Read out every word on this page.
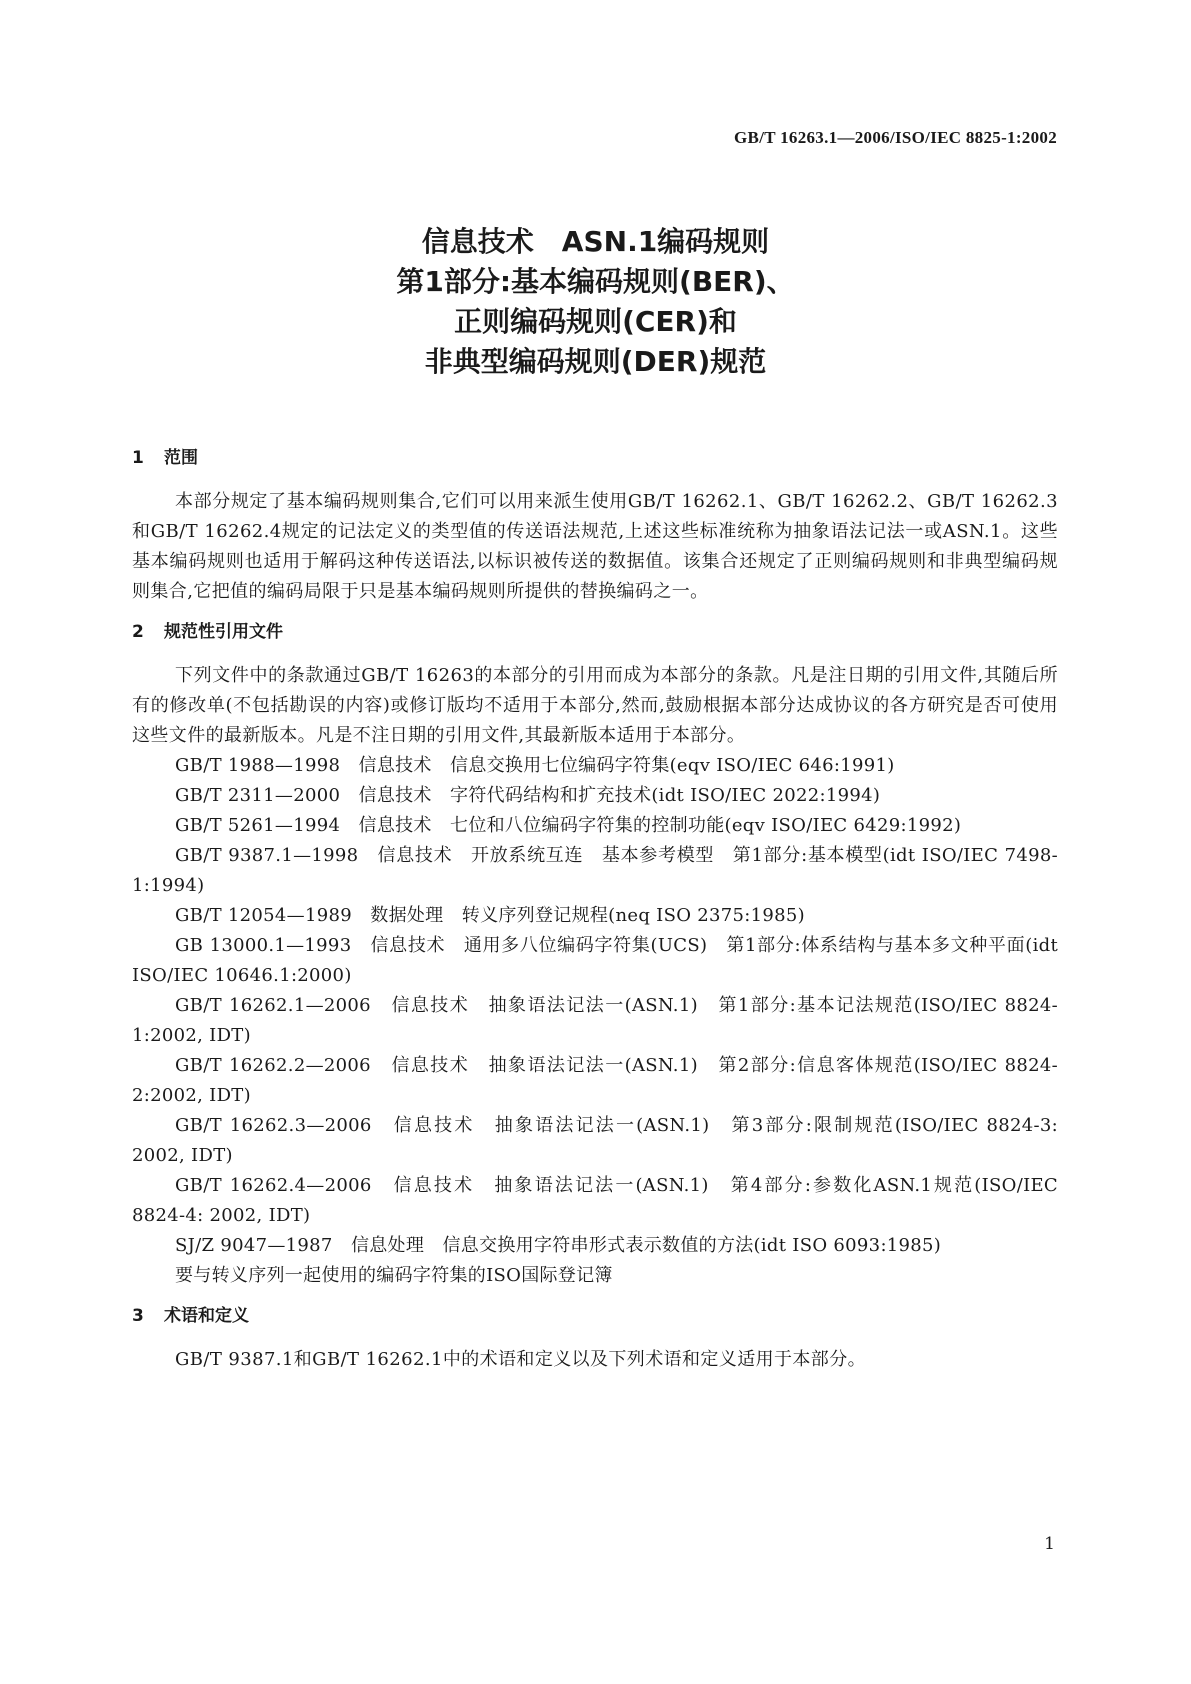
GB/T 16263.1—2006/ISO/IEC 8825-1:2002
信息技术　ASN.1编码规则
第1部分:基本编码规则(BER)、
正则编码规则(CER)和
非典型编码规则(DER)规范
1 范围

本部分规定了基本编码规则集合,它们可以用来派生使用GB/T 16262.1、GB/T 16262.2、GB/T 16262.3和GB/T 16262.4规定的记法定义的类型值的传送语法规范,上述这些标准统称为抽象语法记法一或ASN.1。这些基本编码规则也适用于解码这种传送语法,以标识被传送的数据值。该集合还规定了正则编码规则和非典型编码规则集合,它把值的编码局限于只是基本编码规则所提供的替换编码之一。

2 规范性引用文件

下列文件中的条款通过GB/T 16263的本部分的引用而成为本部分的条款。凡是注日期的引用文件,其随后所有的修改单(不包括勘误的内容)或修订版均不适用于本部分,然而,鼓励根据本部分达成协议的各方研究是否可使用这些文件的最新版本。凡是不注日期的引用文件,其最新版本适用于本部分。

GB/T 1988—1998　信息技术　信息交换用七位编码字符集(eqv ISO/IEC 646:1991)

GB/T 2311—2000　信息技术　字符代码结构和扩充技术(idt ISO/IEC 2022:1994)

GB/T 5261—1994　信息技术　七位和八位编码字符集的控制功能(eqv ISO/IEC 6429:1992)

GB/T 9387.1—1998　信息技术　开放系统互连　基本参考模型　第1部分:基本模型(idt ISO/IEC 7498-1:1994)

GB/T 12054—1989　数据处理　转义序列登记规程(neq ISO 2375:1985)

GB 13000.1—1993　信息技术　通用多八位编码字符集(UCS)　第1部分:体系结构与基本多文种平面(idt ISO/IEC 10646.1:2000)

GB/T 16262.1—2006　信息技术　抽象语法记法一(ASN.1)　第1部分:基本记法规范(ISO/IEC 8824-1:2002, IDT)

GB/T 16262.2—2006　信息技术　抽象语法记法一(ASN.1)　第2部分:信息客体规范(ISO/IEC 8824-2:2002, IDT)

GB/T 16262.3—2006　信息技术　抽象语法记法一(ASN.1)　第3部分:限制规范(ISO/IEC 8824-3: 2002, IDT)

GB/T 16262.4—2006　信息技术　抽象语法记法一(ASN.1)　第4部分:参数化ASN.1规范(ISO/IEC 8824-4: 2002, IDT)

SJ/Z 9047—1987　信息处理　信息交换用字符串形式表示数值的方法(idt ISO 6093:1985)

要与转义序列一起使用的编码字符集的ISO国际登记簿

3 术语和定义

GB/T 9387.1和GB/T 16262.1中的术语和定义以及下列术语和定义适用于本部分。

1
